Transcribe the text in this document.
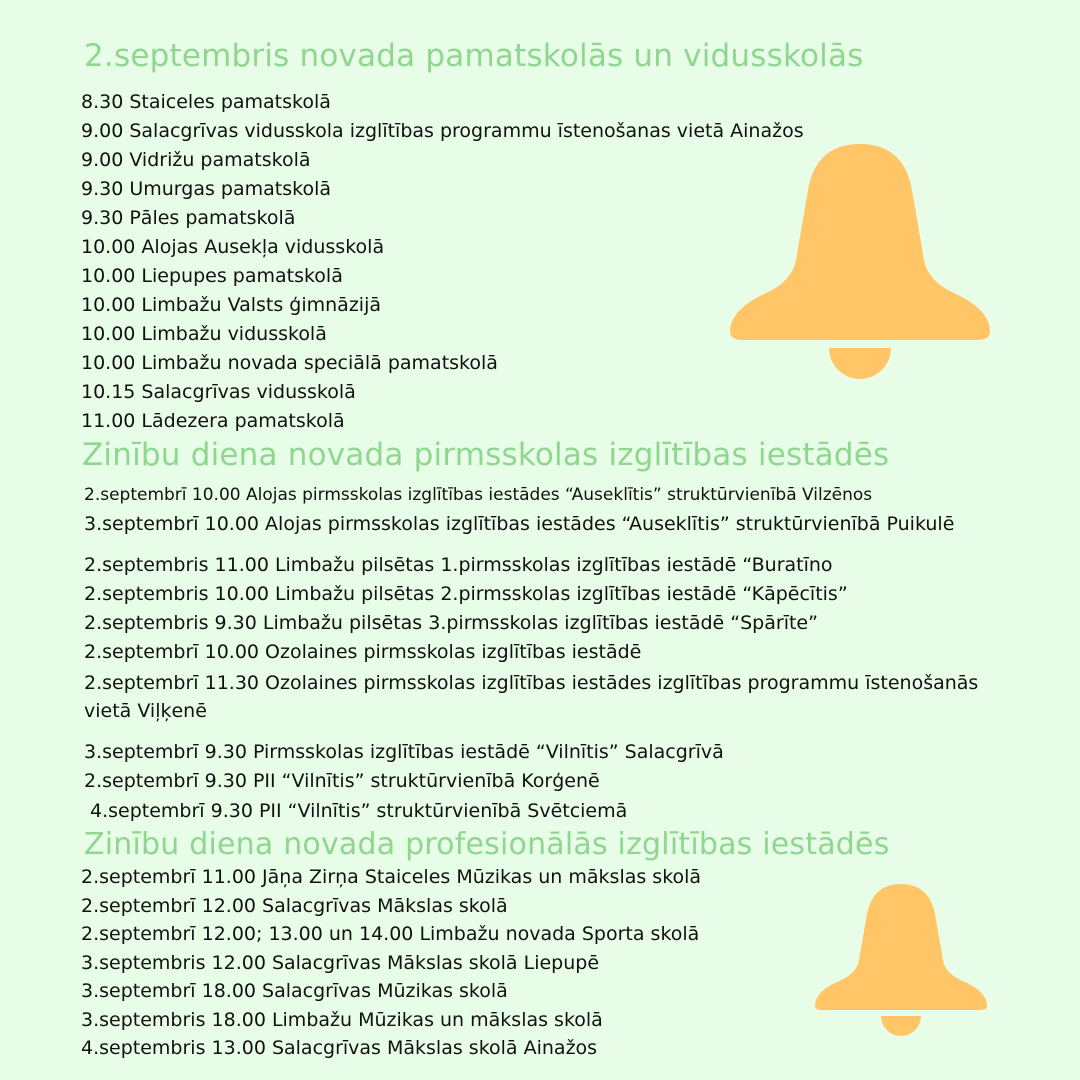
2.septembris novada pamatskolās un vidusskolās
8.30 Staiceles pamatskolā
9.00 Salacgrīvas vidusskola izglītības programmu īstenošanas vietā Ainažos
9.00 Vidrižu pamatskolā
9.30 Umurgas pamatskolā
9.30 Pāles pamatskolā
10.00 Alojas Ausekļa vidusskolā
10.00 Liepupes pamatskolā
10.00 Limbažu Valsts ģimnāzijā
10.00 Limbažu vidusskolā
10.00 Limbažu novada speciālā pamatskolā
10.15 Salacgrīvas vidusskolā
11.00 Lādezera pamatskolā
Zinību diena novada pirmsskolas izglītības iestādēs
2.septembrī 10.00 Alojas pirmsskolas izglītības iestādes “Auseklītis” struktūrvienībā Vilzēnos
3.septembrī 10.00 Alojas pirmsskolas izglītības iestādes “Auseklītis” struktūrvienībā Puikulē
2.septembris 11.00 Limbažu pilsētas 1.pirmsskolas izglītības iestādē “Buratīno
2.septembris 10.00 Limbažu pilsētas 2.pirmsskolas izglītības iestādē “Kāpēcītis”
2.septembris 9.30 Limbažu pilsētas 3.pirmsskolas izglītības iestādē “Spārīte”
2.septembrī 10.00 Ozolaines pirmsskolas izglītības iestādē
2.septembrī 11.30 Ozolaines pirmsskolas izglītības iestādes izglītības programmu īstenošanās
vietā Viļķenē
3.septembrī 9.30 Pirmsskolas izglītības iestādē “Vilnītis” Salacgrīvā
2.septembrī 9.30 PII “Vilnītis” struktūrvienībā Korģenē
4.septembrī 9.30 PII “Vilnītis” struktūrvienībā Svētciemā
Zinību diena novada profesionālās izglītības iestādēs
2.septembrī 11.00 Jāņa Zirņa Staiceles Mūzikas un mākslas skolā
2.septembrī 12.00 Salacgrīvas Mākslas skolā
2.septembrī 12.00; 13.00 un 14.00 Limbažu novada Sporta skolā
3.septembris 12.00 Salacgrīvas Mākslas skolā Liepupē
3.septembrī 18.00 Salacgrīvas Mūzikas skolā
3.septembris 18.00 Limbažu Mūzikas un mākslas skolā
4.septembris 13.00 Salacgrīvas Mākslas skolā Ainažos
